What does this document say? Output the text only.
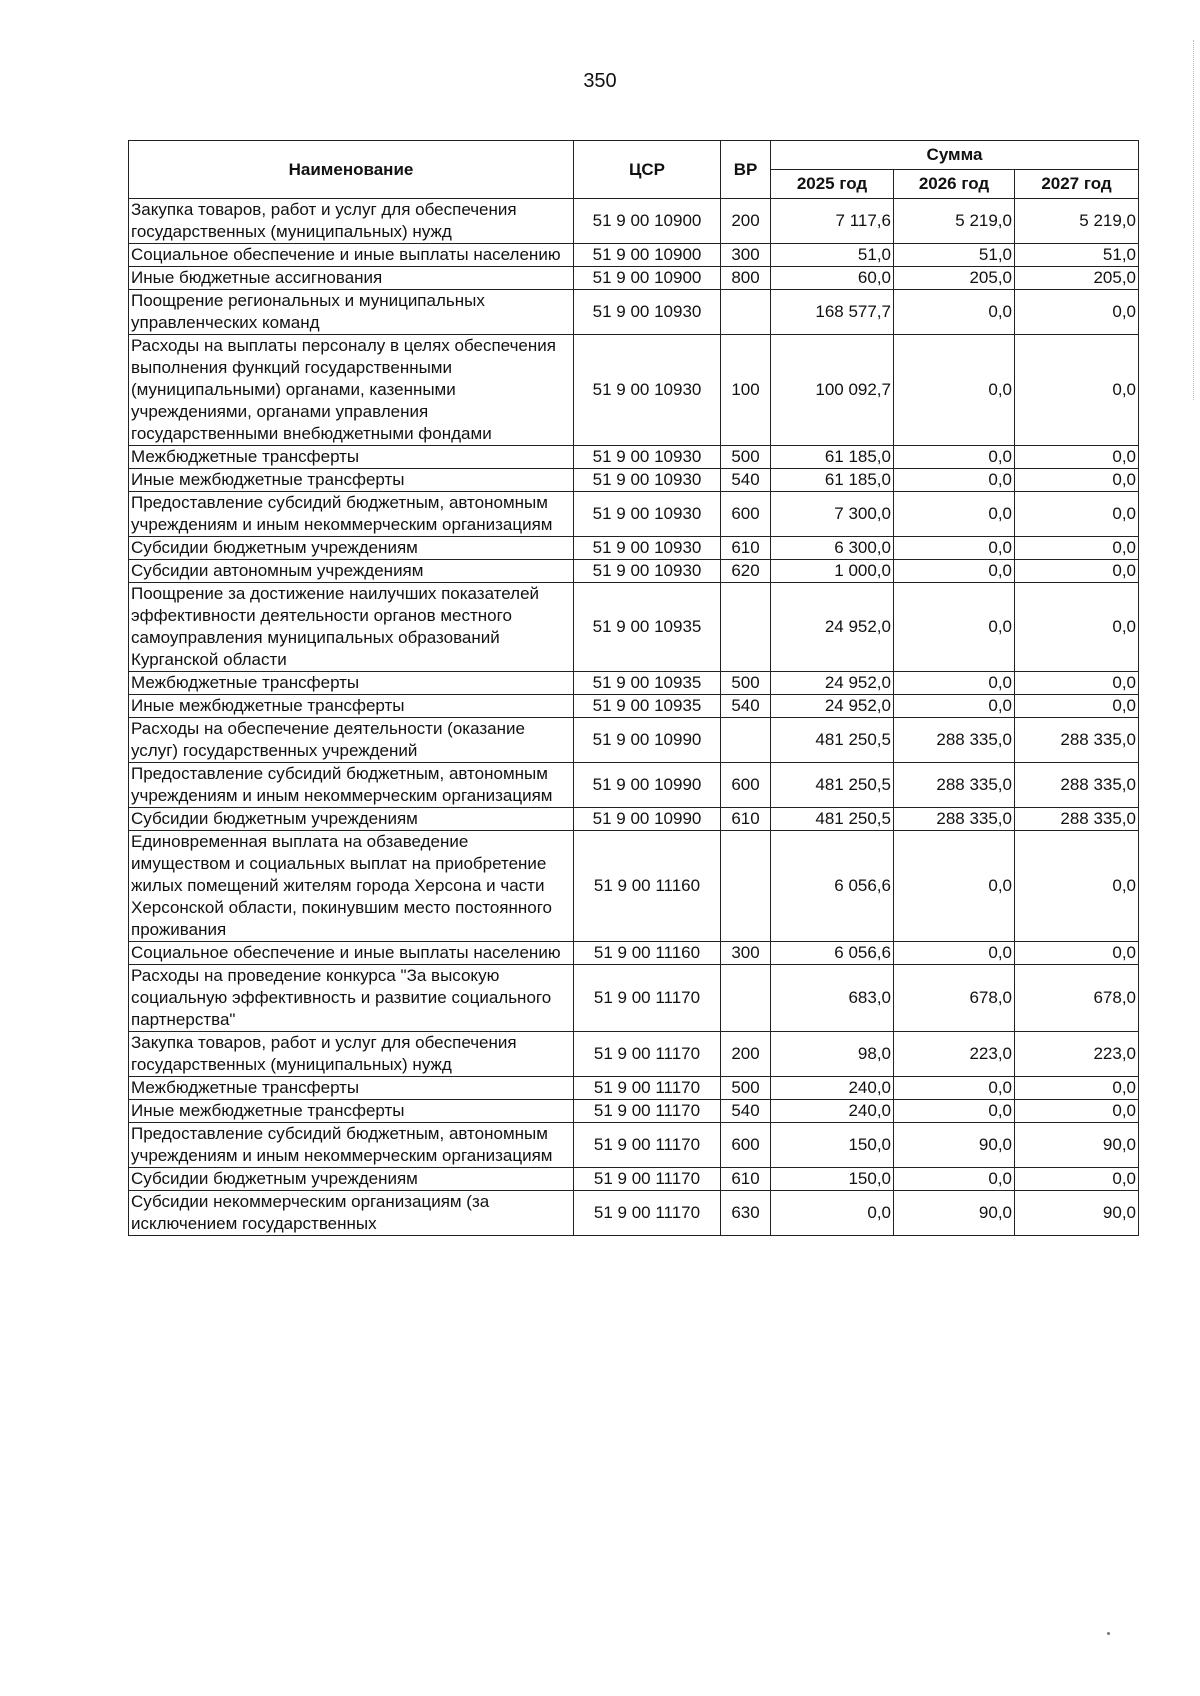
350
Наименование	ЦСР	ВР	Сумма		
			2025 год	2026 год	2027 год
Закупка товаров, работ и услуг для обеспечения государственных (муниципальных) нужд	51 9 00 10900	200	7 117,6	5 219,0	5 219,0
Социальное обеспечение и иные выплаты населению	51 9 00 10900	300	51,0	51,0	51,0
Иные бюджетные ассигнования	51 9 00 10900	800	60,0	205,0	205,0
Поощрение региональных и муниципальных управленческих команд	51 9 00 10930		168 577,7	0,0	0,0
Расходы на выплаты персоналу в целях обеспечения выполнения функций государственными (муниципальными) органами, казенными учреждениями, органами управления государственными внебюджетными фондами	51 9 00 10930	100	100 092,7	0,0	0,0
Межбюджетные трансферты	51 9 00 10930	500	61 185,0	0,0	0,0
Иные межбюджетные трансферты	51 9 00 10930	540	61 185,0	0,0	0,0
Предоставление субсидий бюджетным, автономным учреждениям и иным некоммерческим организациям	51 9 00 10930	600	7 300,0	0,0	0,0
Субсидии бюджетным учреждениям	51 9 00 10930	610	6 300,0	0,0	0,0
Субсидии автономным учреждениям	51 9 00 10930	620	1 000,0	0,0	0,0
Поощрение за достижение наилучших показателей эффективности деятельности органов местного самоуправления муниципальных образований Курганской области	51 9 00 10935		24 952,0	0,0	0,0
Межбюджетные трансферты	51 9 00 10935	500	24 952,0	0,0	0,0
Иные межбюджетные трансферты	51 9 00 10935	540	24 952,0	0,0	0,0
Расходы на обеспечение деятельности (оказание услуг) государственных учреждений	51 9 00 10990		481 250,5	288 335,0	288 335,0
Предоставление субсидий бюджетным, автономным учреждениям и иным некоммерческим организациям	51 9 00 10990	600	481 250,5	288 335,0	288 335,0
Субсидии бюджетным учреждениям	51 9 00 10990	610	481 250,5	288 335,0	288 335,0
Единовременная выплата на обзаведение имуществом и социальных выплат на приобретение жилых помещений жителям города Херсона и части Херсонской области, покинувшим место постоянного проживания	51 9 00 11160		6 056,6	0,0	0,0
Социальное обеспечение и иные выплаты населению	51 9 00 11160	300	6 056,6	0,0	0,0
Расходы на проведение конкурса "За высокую социальную эффективность и развитие социального партнерства"	51 9 00 11170		683,0	678,0	678,0
Закупка товаров, работ и услуг для обеспечения государственных (муниципальных) нужд	51 9 00 11170	200	98,0	223,0	223,0
Межбюджетные трансферты	51 9 00 11170	500	240,0	0,0	0,0
Иные межбюджетные трансферты	51 9 00 11170	540	240,0	0,0	0,0
Предоставление субсидий бюджетным, автономным учреждениям и иным некоммерческим организациям	51 9 00 11170	600	150,0	90,0	90,0
Субсидии бюджетным учреждениям	51 9 00 11170	610	150,0	0,0	0,0
Субсидии некоммерческим организациям (за исключением государственных	51 9 00 11170	630	0,0	90,0	90,0
